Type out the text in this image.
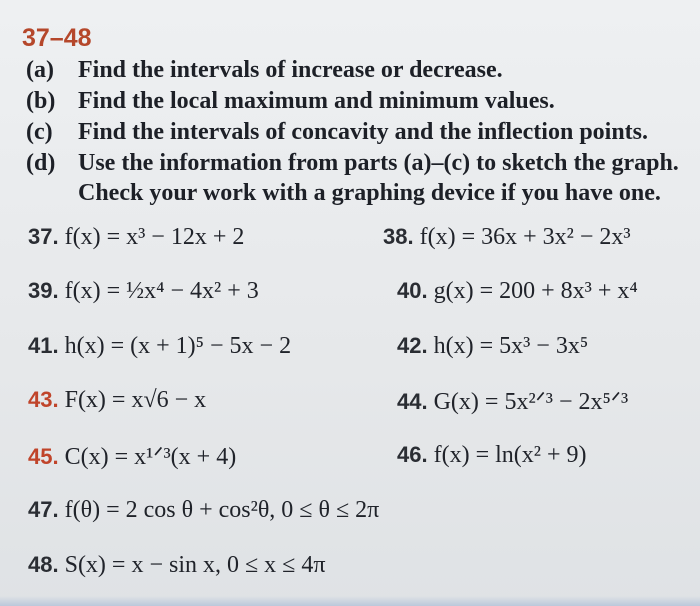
37–48
(a) Find the intervals of increase or decrease.
(b) Find the local maximum and minimum values.
(c) Find the intervals of concavity and the inflection points.
(d) Use the information from parts (a)–(c) to sketch the graph.
Check your work with a graphing device if you have one.
37. f(x) = x³ − 12x + 2	38. f(x) = 36x + 3x² − 2x³
39. f(x) = ½x⁴ − 4x² + 3	40. g(x) = 200 + 8x³ + x⁴
41. h(x) = (x + 1)⁵ − 5x − 2	42. h(x) = 5x³ − 3x⁵
43. F(x) = x√6 − x	44. G(x) = 5x²ᐟ³ − 2x⁵ᐟ³
45. C(x) = x¹ᐟ³(x + 4)	46. f(x) = ln(x² + 9)
47. f(θ) = 2 cos θ + cos²θ, 0 ≤ θ ≤ 2π
48. S(x) = x − sin x, 0 ≤ x ≤ 4π
